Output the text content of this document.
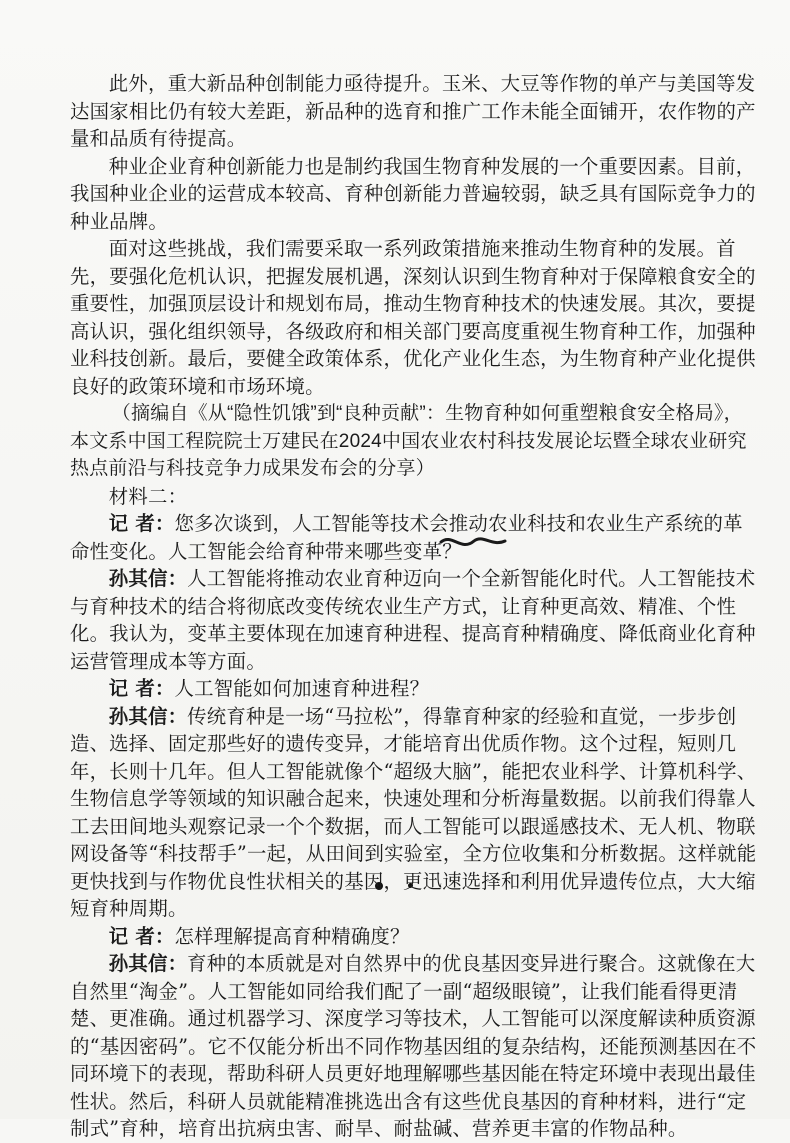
此外，重大新品种创制能力亟待提升。玉米、大豆等作物的单产与美国等发达国家相比仍有较大差距，新品种的选育和推广工作未能全面铺开，农作物的产量和品质有待提高。

种业企业育种创新能力也是制约我国生物育种发展的一个重要因素。目前，我国种业企业的运营成本较高、育种创新能力普遍较弱，缺乏具有国际竞争力的种业品牌。

面对这些挑战，我们需要采取一系列政策措施来推动生物育种的发展。首先，要强化危机认识，把握发展机遇，深刻认识到生物育种对于保障粮食安全的重要性，加强顶层设计和规划布局，推动生物育种技术的快速发展。其次，要提高认识，强化组织领导，各级政府和相关部门要高度重视生物育种工作，加强种业科技创新。最后，要健全政策体系，优化产业化生态，为生物育种产业化提供良好的政策环境和市场环境。

（摘编自《从“隐性饥饿”到“良种贡献”：生物育种如何重塑粮食安全格局》，本文系中国工程院院士万建民在2024中国农业农村科技发展论坛暨全球农业研究热点前沿与科技竞争力成果发布会的分享）

材料二：

记 者：您多次谈到，人工智能等技术会推动农业科技和农业生产系统的革命性变化。人工智能会给育种带来哪些变革？

孙其信：人工智能将推动农业育种迈向一个全新智能化时代。人工智能技术与育种技术的结合将彻底改变传统农业生产方式，让育种更高效、精准、个性化。我认为，变革主要体现在加速育种进程、提高育种精确度、降低商业化育种运营管理成本等方面。

记 者：人工智能如何加速育种进程？

孙其信：传统育种是一场“马拉松”，得靠育种家的经验和直觉，一步步创造、选择、固定那些好的遗传变异，才能培育出优质作物。这个过程，短则几年，长则十几年。但人工智能就像个“超级大脑”，能把农业科学、计算机科学、生物信息学等领域的知识融合起来，快速处理和分析海量数据。以前我们得靠人工去田间地头观察记录一个个数据，而人工智能可以跟遥感技术、无人机、物联网设备等“科技帮手”一起，从田间到实验室，全方位收集和分析数据。这样就能更快找到与作物优良性状相关的基因，更迅速选择和利用优异遗传位点，大大缩短育种周期。

记 者：怎样理解提高育种精确度？

孙其信：育种的本质就是对自然界中的优良基因变异进行聚合。这就像在大自然里“淘金”。人工智能如同给我们配了一副“超级眼镜”，让我们能看得更清楚、更准确。通过机器学习、深度学习等技术，人工智能可以深度解读种质资源的“基因密码”。它不仅能分析出不同作物基因组的复杂结构，还能预测基因在不同环境下的表现，帮助科研人员更好地理解哪些基因能在特定环境中表现出最佳性状。然后，科研人员就能精准挑选出含有这些优良基因的育种材料，进行“定制式”育种，培育出抗病虫害、耐旱、耐盐碱、营养更丰富的作物品种。
